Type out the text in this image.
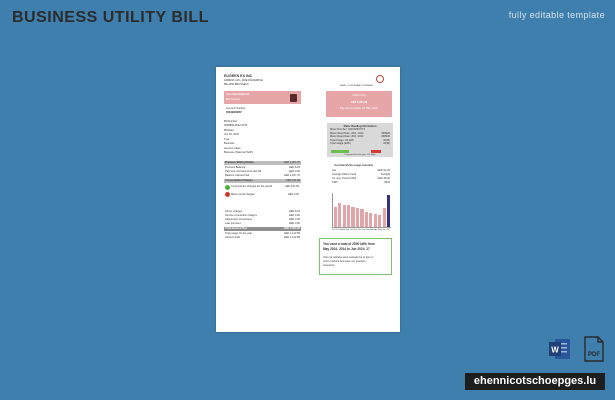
BUSINESS UTILITY BILL	fully editable template
EUGEEN EX INC
ADRESS 123 • RUE D'EXEMPLE
BE-1000 BRUSSELS
Your Electricity bill
Box Number
Account Number
00099823887
Bill Number
0098982-0012-0074
Bill Date
Jun 26, 2024
Type
Business
Account Class
Business (National Tariff)
Previous Billing Details	AED 1,207.70
Previous Balance	AED 8.23
Payment received since last bill	AED 0.00
Balance Carried Fwd	AED 1,207.70
Consumption Charges	AED 131.84
Consumption charges for the period	AED 131.84
Meter rental charges	AED 0.00
Admin charges	AED 8.23
Service connection charges	AED 0.00
Adjustment Corrections	AED 0.00
Late payment	AED 3.00
Total Amount Due	AED 1,284.39
Total usage for the year	AED 1,142.83
Amount Paid	AED 1,142.83
HERE YOUR BRAND POWERED
Total to Pay
AED 1,284.39
Pay this by before Jul 25th, 2024
Meter Reading Information
Meter Number: 403CD9F0773
Meter Read Date: 20th, 2024	068920
Meter Read Date: 20th, 2024	068900
Total Usage: 09 kWh	20(M)
Total usage (kWh)	20(M)
Compared to last year: 5% High
Your Electricity usage overview
Jan	AED 22.30
Average kWh's Used	Sunlight
Vs. Avg. Period 2023	AED 38.30
KWh	0934
Jul 24 Jul Aug Sep Oct Nov Dec Jan Feb Mar Apr May Jun 24
You used a total of 2500 kWh from
May 2024, 2014 to Jun 2024, 17
Visit our website www.example.be to tips on
how to reduce and save our precious
resources.
W
PDF
ehennicotschoepges.lu
